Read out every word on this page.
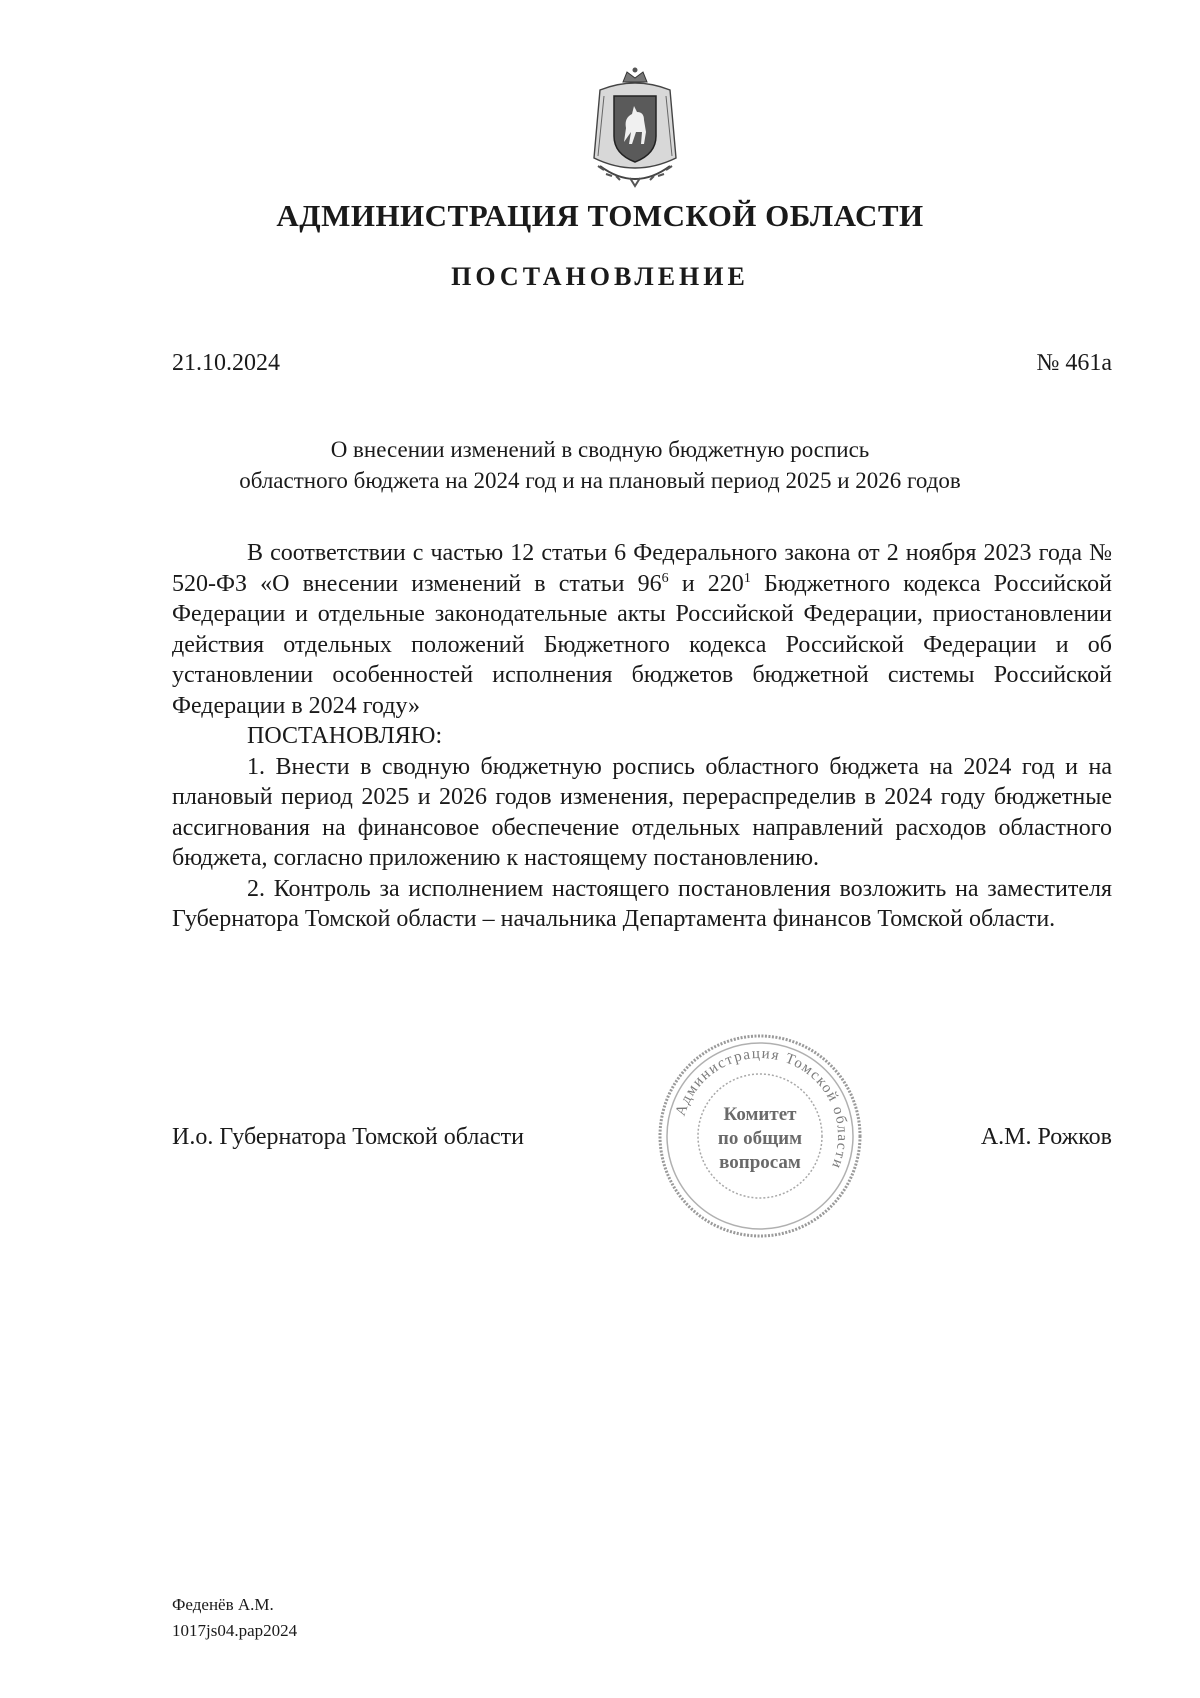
АДМИНИСТРАЦИЯ ТОМСКОЙ ОБЛАСТИ
ПОСТАНОВЛЕНИЕ
21.10.2024	№ 461а
О внесении изменений в сводную бюджетную роспись
областного бюджета на 2024 год и на плановый период 2025 и 2026 годов

В соответствии с частью 12 статьи 6 Федерального закона от 2 ноября 2023 года № 520-ФЗ «О внесении изменений в статьи $96^6$ и $220^1$ Бюджетного кодекса Российской Федерации и отдельные законодательные акты Российской Федерации, приостановлении действия отдельных положений Бюджетного кодекса Российской Федерации и об установлении особенностей исполнения бюджетов бюджетной системы Российской Федерации в 2024 году»

ПОСТАНОВЛЯЮ:

1. Внести в сводную бюджетную роспись областного бюджета на 2024 год и на плановый период 2025 и 2026 годов изменения, перераспределив в 2024 году бюджетные ассигнования на финансовое обеспечение отдельных направлений расходов областного бюджета, согласно приложению к настоящему постановлению.

2. Контроль за исполнением настоящего постановления возложить на заместителя Губернатора Томской области – начальника Департамента финансов Томской области.

И.о. Губернатора Томской области
Администрация Томской области
Комитет
по общим
вопросам
А.М. Рожков
Феденёв А.М.
1017js04.pap2024
